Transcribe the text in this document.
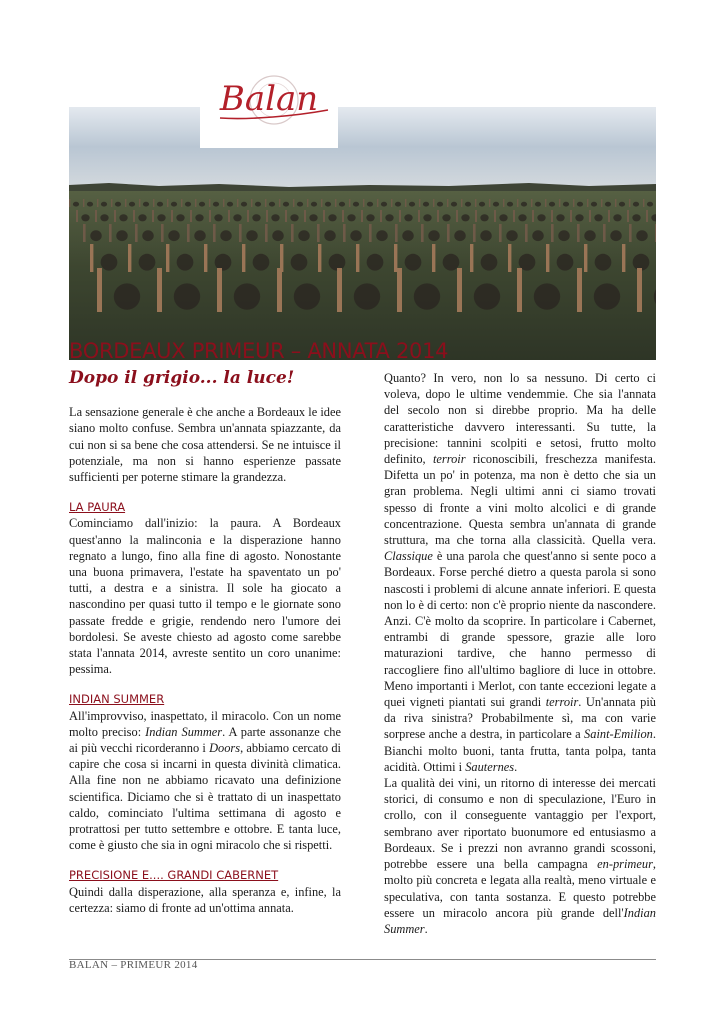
Balan
BORDEAUX PRIMEUR – ANNATA 2014
Dopo il grigio... la luce!

La sensazione generale è che anche a Bordeaux le idee siano molto confuse. Sembra un'annata spiazzante, da cui non si sa bene che cosa attendersi. Se ne intuisce il potenziale, ma non si hanno esperienze passate sufficienti per poterne stimare la grandezza.

LA PAURA

Cominciamo dall'inizio: la paura. A Bordeaux quest'anno la malinconia e la disperazione hanno regnato a lungo, fino alla fine di agosto. Nonostante una buona primavera, l'estate ha spaventato un po' tutti, a destra e a sinistra. Il sole ha giocato a nascondino per quasi tutto il tempo e le giornate sono passate fredde e grigie, rendendo nero l'umore dei bordolesi. Se aveste chiesto ad agosto come sarebbe stata l'annata 2014, avreste sentito un coro unanime: pessima.

INDIAN SUMMER

All'improvviso, inaspettato, il miracolo. Con un nome molto preciso: Indian Summer. A parte assonanze che ai più vecchi ricorderanno i Doors, abbiamo cercato di capire che cosa si incarni in questa divinità climatica. Alla fine non ne abbiamo ricavato una definizione scientifica. Diciamo che si è trattato di un inaspettato caldo, cominciato l'ultima settimana di agosto e protrattosi per tutto settembre e ottobre. E tanta luce, come è giusto che sia in ogni miracolo che si rispetti.

PRECISIONE E.... GRANDI CABERNET

Quindi dalla disperazione, alla speranza e, infine, la certezza: siamo di fronte ad un'ottima annata.

Quanto? In vero, non lo sa nessuno. Di certo ci voleva, dopo le ultime vendemmie. Che sia l'annata del secolo non si direbbe proprio. Ma ha delle caratteristiche davvero interessanti. Su tutte, la precisione: tannini scolpiti e setosi, frutto molto definito, terroir riconoscibili, freschezza manifesta. Difetta un po' in potenza, ma non è detto che sia un gran problema. Negli ultimi anni ci siamo trovati spesso di fronte a vini molto alcolici e di grande concentrazione. Questa sembra un'annata di grande struttura, ma che torna alla classicità. Quella vera. Classique è una parola che quest'anno si sente poco a Bordeaux. Forse perché dietro a questa parola si sono nascosti i problemi di alcune annate inferiori. E questa non lo è di certo: non c'è proprio niente da nascondere. Anzi. C'è molto da scoprire. In particolare i Cabernet, entrambi di grande spessore, grazie alle loro maturazioni tardive, che hanno permesso di raccogliere fino all'ultimo bagliore di luce in ottobre. Meno importanti i Merlot, con tante eccezioni legate a quei vigneti piantati sui grandi terroir. Un'annata più da riva sinistra? Probabilmente sì, ma con varie sorprese anche a destra, in particolare a Saint-Emilion. Bianchi molto buoni, tanta frutta, tanta polpa, tanta acidità. Ottimi i Sauternes.

La qualità dei vini, un ritorno di interesse dei mercati storici, di consumo e non di speculazione, l'Euro in crollo, con il conseguente vantaggio per l'export, sembrano aver riportato buonumore ed entusiasmo a Bordeaux. Se i prezzi non avranno grandi scossoni, potrebbe essere una bella campagna en-primeur, molto più concreta e legata alla realtà, meno virtuale e speculativa, con tanta sostanza. E questo potrebbe essere un miracolo ancora più grande dell'Indian Summer.

BALAN – PRIMEUR 2014
